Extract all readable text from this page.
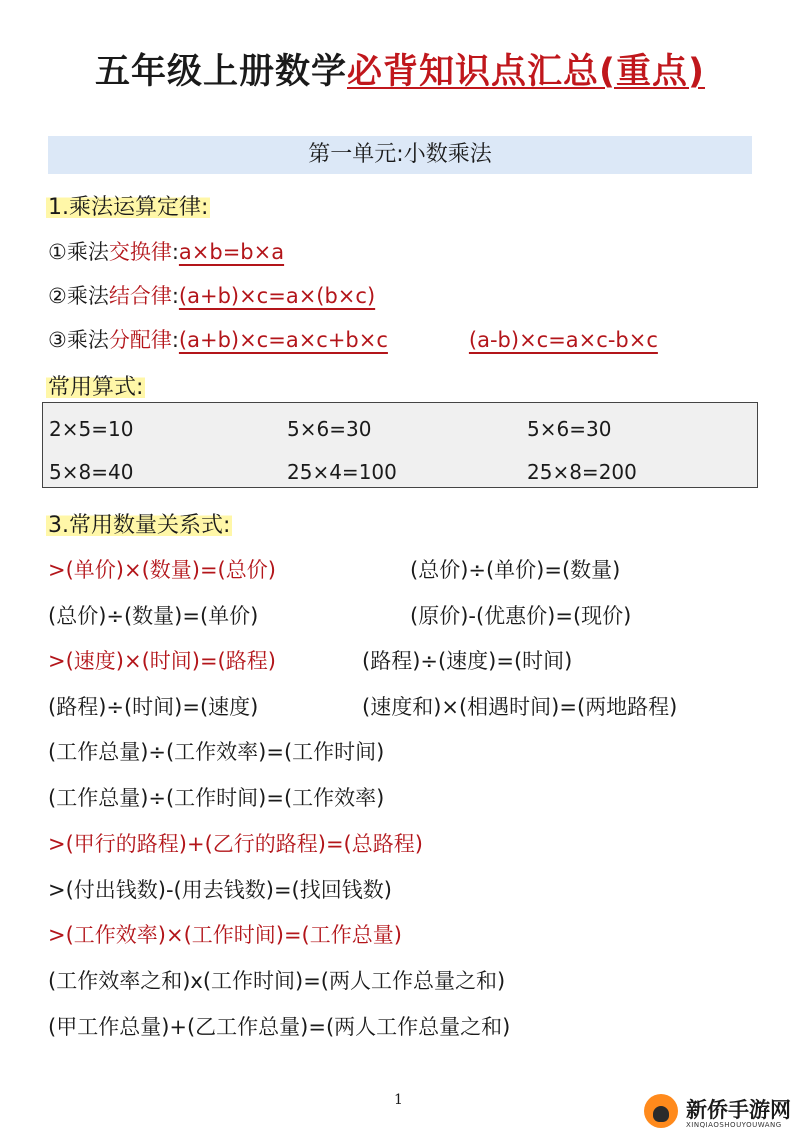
五年级上册数学必背知识点汇总(重点)
第一单元:小数乘法
1.乘法运算定律:
①乘法交换律:a×b=b×a
②乘法结合律:(a+b)×c=a×(b×c)
③乘法分配律:(a+b)×c=a×c+b×c	(a-b)×c=a×c-b×c
常用算式:
2×5=10	5×6=30	5×6=30
5×8=40	25×4=100	25×8=200
3.常用数量关系式:
>(单价)×(数量)=(总价)	(总价)÷(单价)=(数量)
(总价)÷(数量)=(单价)	(原价)-(优惠价)=(现价)
>(速度)×(时间)=(路程)	(路程)÷(速度)=(时间)
(路程)÷(时间)=(速度)	(速度和)×(相遇时间)=(两地路程)
(工作总量)÷(工作效率)=(工作时间)
(工作总量)÷(工作时间)=(工作效率)
>(甲行的路程)+(乙行的路程)=(总路程)
>(付出钱数)-(用去钱数)=(找回钱数)
>(工作效率)×(工作时间)=(工作总量)
(工作效率之和)x(工作时间)=(两人工作总量之和)
(甲工作总量)+(乙工作总量)=(两人工作总量之和)
1	新侨手游网
XINQIAOSHOUYOUWANG
